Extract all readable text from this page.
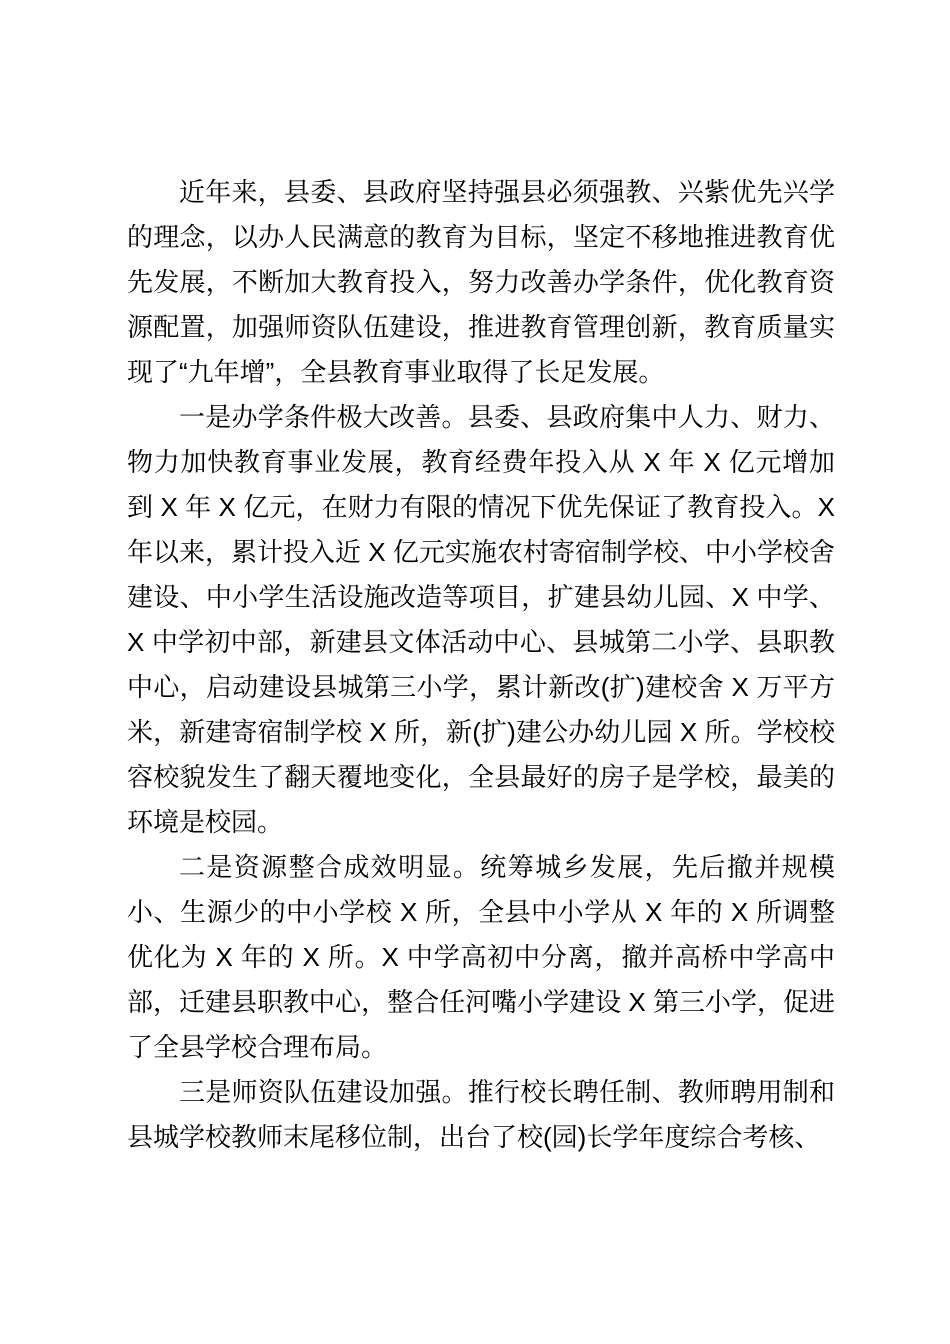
近年来，县委、县政府坚持强县必须强教、兴紫优先兴学的理念，以办人民满意的教育为目标，坚定不移地推进教育优先发展，不断加大教育投入，努力改善办学条件，优化教育资源配置，加强师资队伍建设，推进教育管理创新，教育质量实现了“九年增”，全县教育事业取得了长足发展。

一是办学条件极大改善。县委、县政府集中人力、财力、物力加快教育事业发展，教育经费年投入从 X 年 X 亿元增加到 X 年 X 亿元，在财力有限的情况下优先保证了教育投入。X 年以来，累计投入近 X 亿元实施农村寄宿制学校、中小学校舍建设、中小学生活设施改造等项目，扩建县幼儿园、X 中学、X 中学初中部，新建县文体活动中心、县城第二小学、县职教中心，启动建设县城第三小学，累计新改(扩)建校舍 X 万平方米，新建寄宿制学校 X 所，新(扩)建公办幼儿园 X 所。学校校容校貌发生了翻天覆地变化，全县最好的房子是学校，最美的环境是校园。

二是资源整合成效明显。统筹城乡发展，先后撤并规模小、生源少的中小学校 X 所，全县中小学从 X 年的 X 所调整优化为 X 年的 X 所。X 中学高初中分离，撤并高桥中学高中部，迁建县职教中心，整合任河嘴小学建设 X 第三小学，促进了全县学校合理布局。

三是师资队伍建设加强。推行校长聘任制、教师聘用制和县城学校教师末尾移位制，出台了校(园)长学年度综合考核、
